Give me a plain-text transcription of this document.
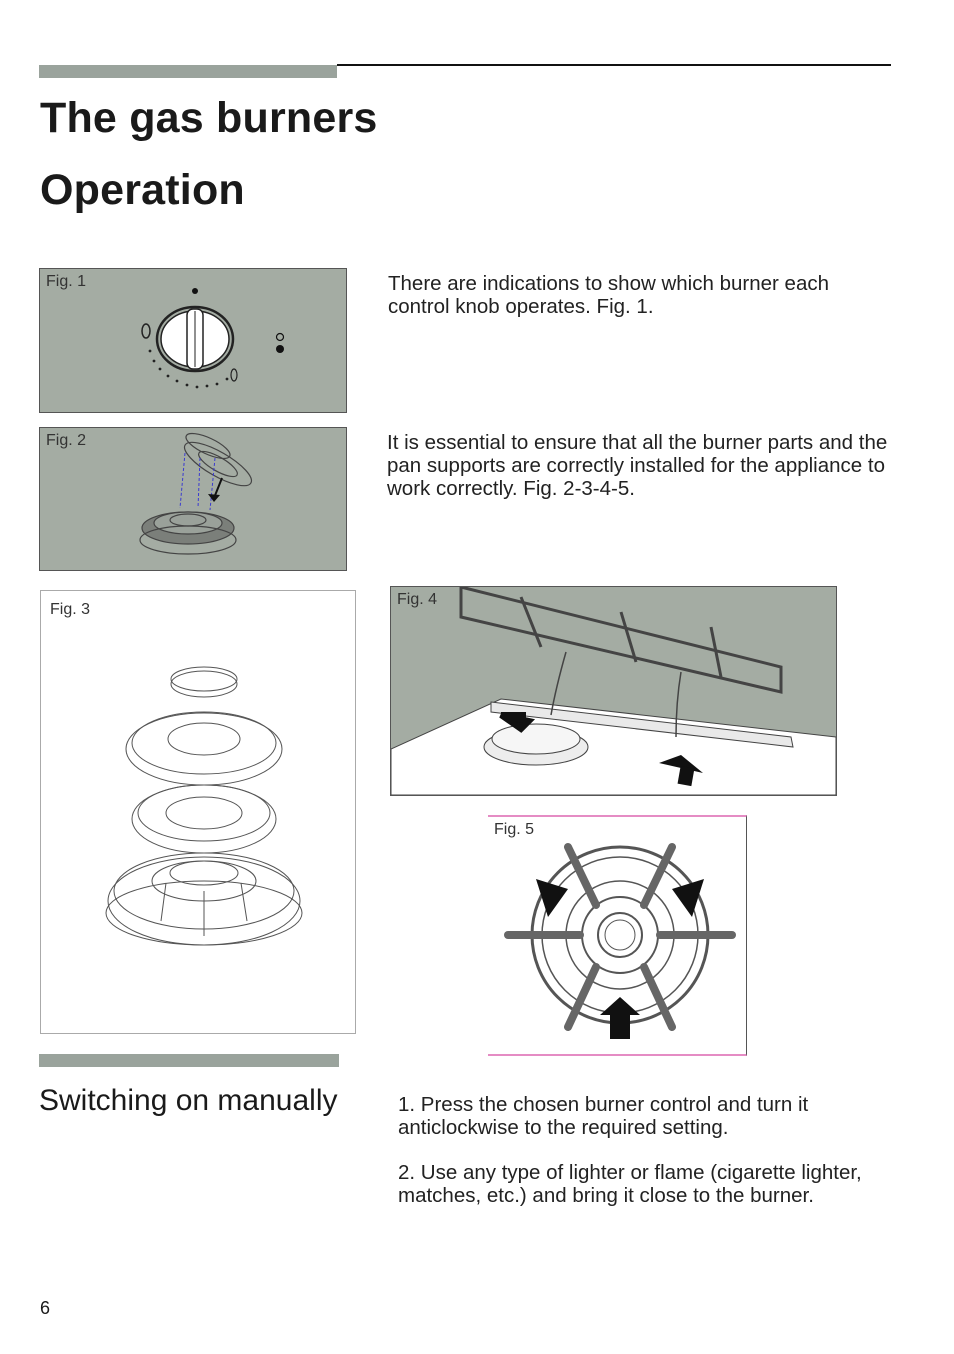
The gas burners
Operation
Fig. 1	There are indications to show which burner each control knob operates. Fig. 1.
Fig. 2	It is essential to ensure that all the burner parts and the pan supports are correctly installed for the appliance to work correctly. Fig. 2-3-4-5.
Fig. 3
Fig. 4
Fig. 5
Switching on manually	1. Press the chosen burner control and turn it anticlockwise to the required setting.
2. Use any type of lighter or flame (cigarette lighter, matches, etc.) and bring it close to the burner.
6
